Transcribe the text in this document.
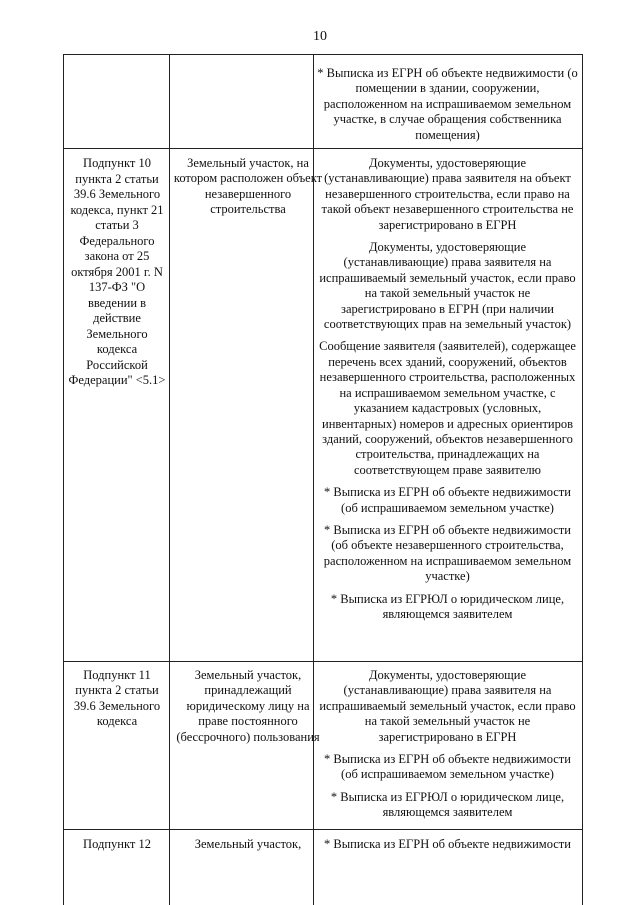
10

* Выписка из ЕГРН об объекте недвижимости (о помещении в здании, сооружении, расположенном на испрашиваемом земельном участке, в случае обращения собственника помещения)

Подпункт 10 пункта 2 статьи 39.6 Земельного кодекса, пункт 21 статьи 3 Федерального закона от 25 октября 2001 г. N 137-ФЗ "О введении в действие Земельного кодекса Российской Федерации" <5.1>
Земельный участок, на котором расположен объект незавершенного строительства

Документы, удостоверяющие (устанавливающие) права заявителя на объект незавершенного строительства, если право на такой объект незавершенного строительства не зарегистрировано в ЕГРН

Документы, удостоверяющие (устанавливающие) права заявителя на испрашиваемый земельный участок, если право на такой земельный участок не зарегистрировано в ЕГРН (при наличии соответствующих прав на земельный участок)

Сообщение заявителя (заявителей), содержащее перечень всех зданий, сооружений, объектов незавершенного строительства, расположенных на испрашиваемом земельном участке, с указанием кадастровых (условных, инвентарных) номеров и адресных ориентиров зданий, сооружений, объектов незавершенного строительства, принадлежащих на соответствующем праве заявителю

* Выписка из ЕГРН об объекте недвижимости (об испрашиваемом земельном участке)

* Выписка из ЕГРН об объекте недвижимости (об объекте незавершенного строительства, расположенном на испрашиваемом земельном участке)

* Выписка из ЕГРЮЛ о юридическом лице, являющемся заявителем

Подпункт 11 пункта 2 статьи 39.6 Земельного кодекса
Земельный участок, принадлежащий юридическому лицу на праве постоянного (бессрочного) пользования

Документы, удостоверяющие (устанавливающие) права заявителя на испрашиваемый земельный участок, если право на такой земельный участок не зарегистрировано в ЕГРН

* Выписка из ЕГРН об объекте недвижимости (об испрашиваемом земельном участке)

* Выписка из ЕГРЮЛ о юридическом лице, являющемся заявителем

Подпункт 12	Земельный участок,	* Выписка из ЕГРН об объекте недвижимости
